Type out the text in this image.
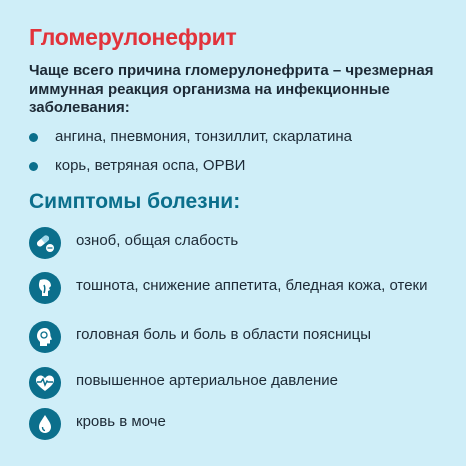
Гломерулонефрит
Чаще всего причина гломерулонефрита – чрезмерная иммунная реакция организма на инфекционные заболевания:
ангина, пневмония, тонзиллит, скарлатина
корь, ветряная оспа, ОРВИ
Симптомы болезни:
озноб, общая слабость
тошнота, снижение аппетита, бледная кожа, отеки
головная боль и боль в области поясницы
повышенное артериальное давление
кровь в моче
